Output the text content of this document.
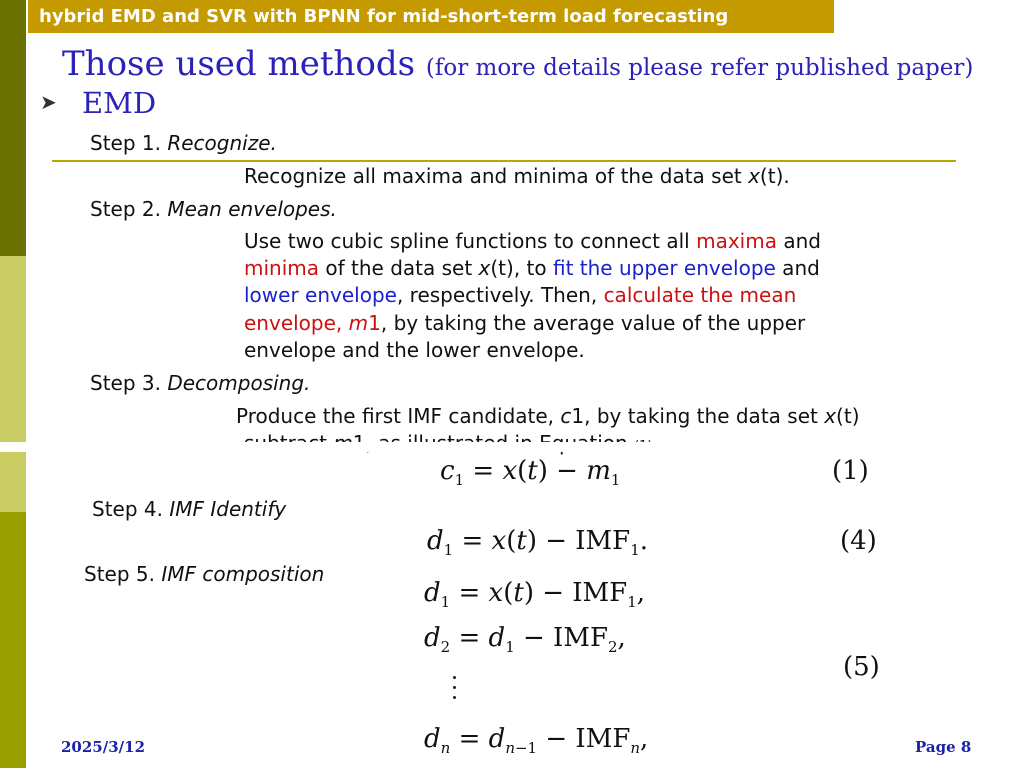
hybrid EMD and SVR with BPNN for mid-short-term load forecasting
Those used methods (for more details please refer published paper)
➤ EMD
Step 1. Recognize.
Recognize all maxima and minima of the data set x(t).
Step 2. Mean envelopes.
Use two cubic spline functions to connect all maxima and
minima of the data set x(t), to fit the upper envelope and
lower envelope, respectively. Then, calculate the mean
envelope, m1, by taking the average value of the upper
envelope and the lower envelope.
Step 3. Decomposing.
Produce the first IMF candidate, c1, by taking the data set x(t)
$c_1 = x(t) - m_1$	(1)
Step 4. IMF Identify
$d_1 = x(t) - IMF_1$.	(4)
Step 5. IMF composition
$d_1 = x(t) - IMF_1$,
$d_2 = d_1 - IMF_2$,
(5)
$d_n = d_{n-1} - IMF_n$,
2025/3/12	Page 8
